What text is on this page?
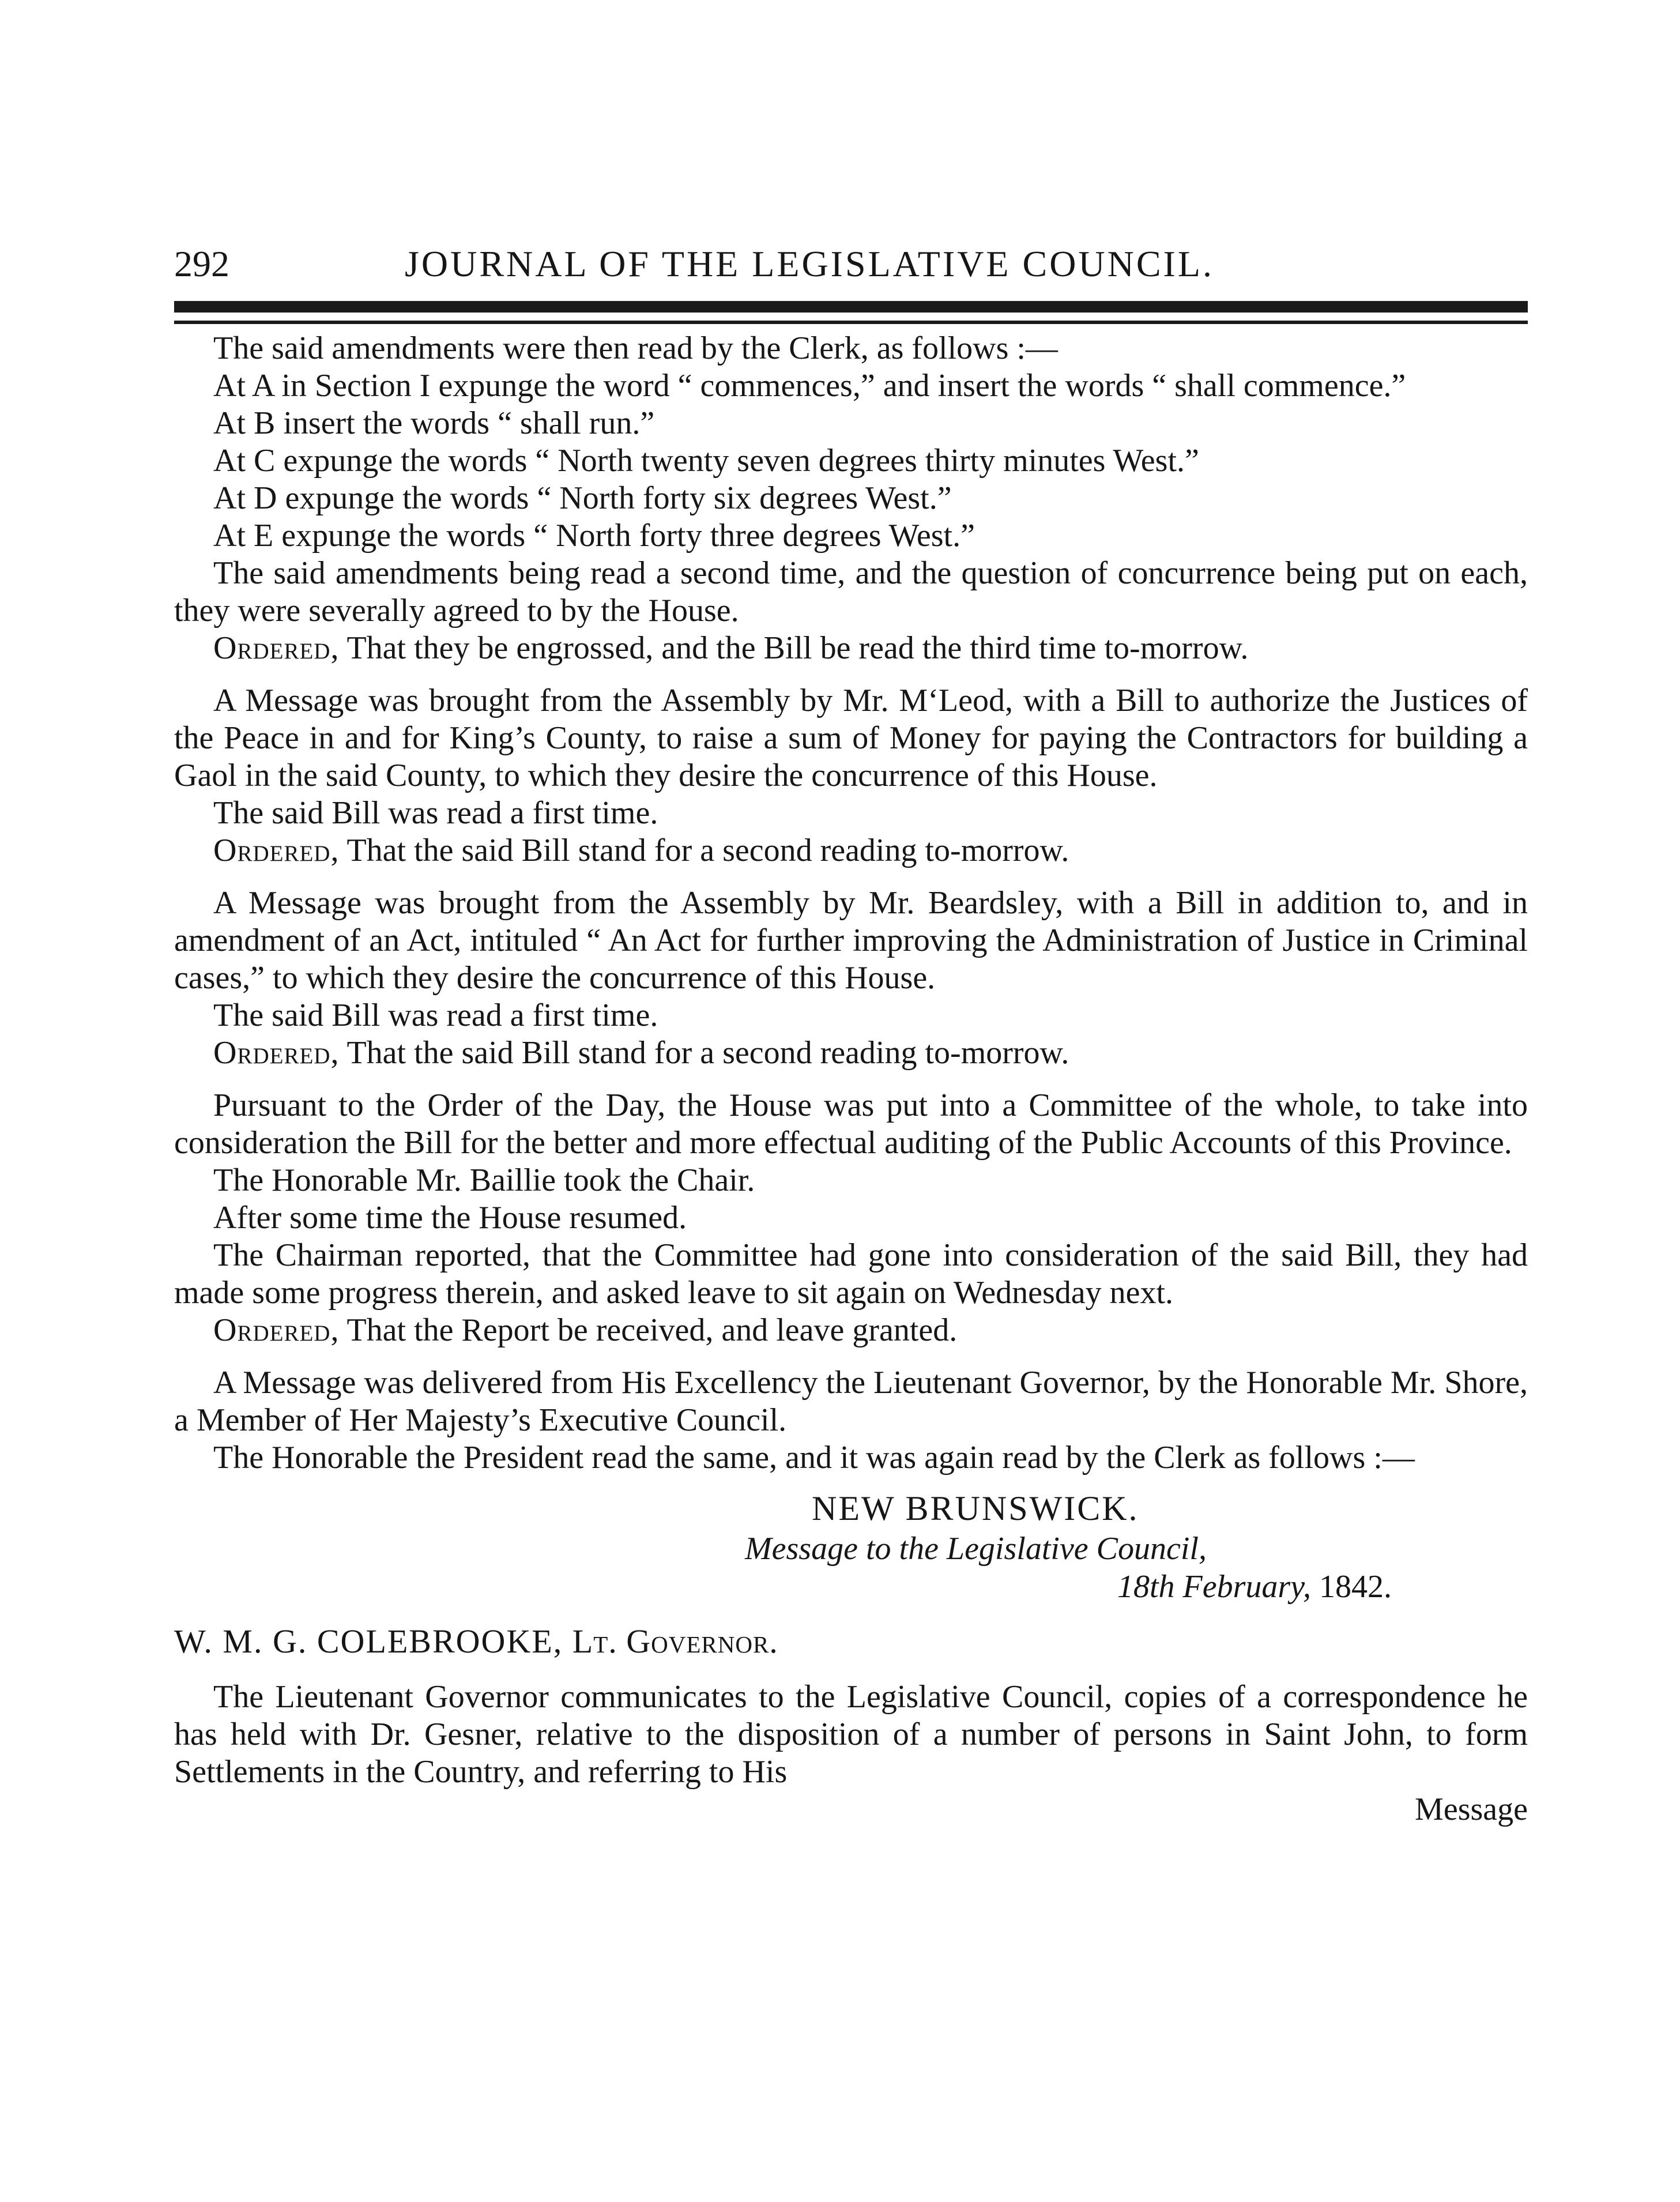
292	JOURNAL OF THE LEGISLATIVE COUNCIL.

The said amendments were then read by the Clerk, as follows :—

At A in Section I expunge the word “ commences,” and insert the words “ shall commence.”

At B insert the words “ shall run.”

At C expunge the words “ North twenty seven degrees thirty minutes West.”

At D expunge the words “ North forty six degrees West.”

At E expunge the words “ North forty three degrees West.”

The said amendments being read a second time, and the question of concurrence being put on each, they were severally agreed to by the House.

Ordered, That they be engrossed, and the Bill be read the third time to-morrow.

A Message was brought from the Assembly by Mr. M‘Leod, with a Bill to authorize the Justices of the Peace in and for King’s County, to raise a sum of Money for paying the Contractors for building a Gaol in the said County, to which they desire the concurrence of this House.

The said Bill was read a first time.

Ordered, That the said Bill stand for a second reading to-morrow.

A Message was brought from the Assembly by Mr. Beardsley, with a Bill in addition to, and in amendment of an Act, intituled “ An Act for further improving the Administration of Justice in Criminal cases,” to which they desire the concurrence of this House.

The said Bill was read a first time.

Ordered, That the said Bill stand for a second reading to-morrow.

Pursuant to the Order of the Day, the House was put into a Committee of the whole, to take into consideration the Bill for the better and more effectual auditing of the Public Accounts of this Province.

The Honorable Mr. Baillie took the Chair.

After some time the House resumed.

The Chairman reported, that the Committee had gone into consideration of the said Bill, they had made some progress therein, and asked leave to sit again on Wednesday next.

Ordered, That the Report be received, and leave granted.

A Message was delivered from His Excellency the Lieutenant Governor, by the Honorable Mr. Shore, a Member of Her Majesty’s Executive Council.

The Honorable the President read the same, and it was again read by the Clerk as follows :—

NEW BRUNSWICK.
Message to the Legislative Council,
18th February, 1842.
W. M. G. COLEBROOKE, Lt. Governor.

The Lieutenant Governor communicates to the Legislative Council, copies of a correspondence he has held with Dr. Gesner, relative to the disposition of a number of persons in Saint John, to form Settlements in the Country, and referring to His

Message
